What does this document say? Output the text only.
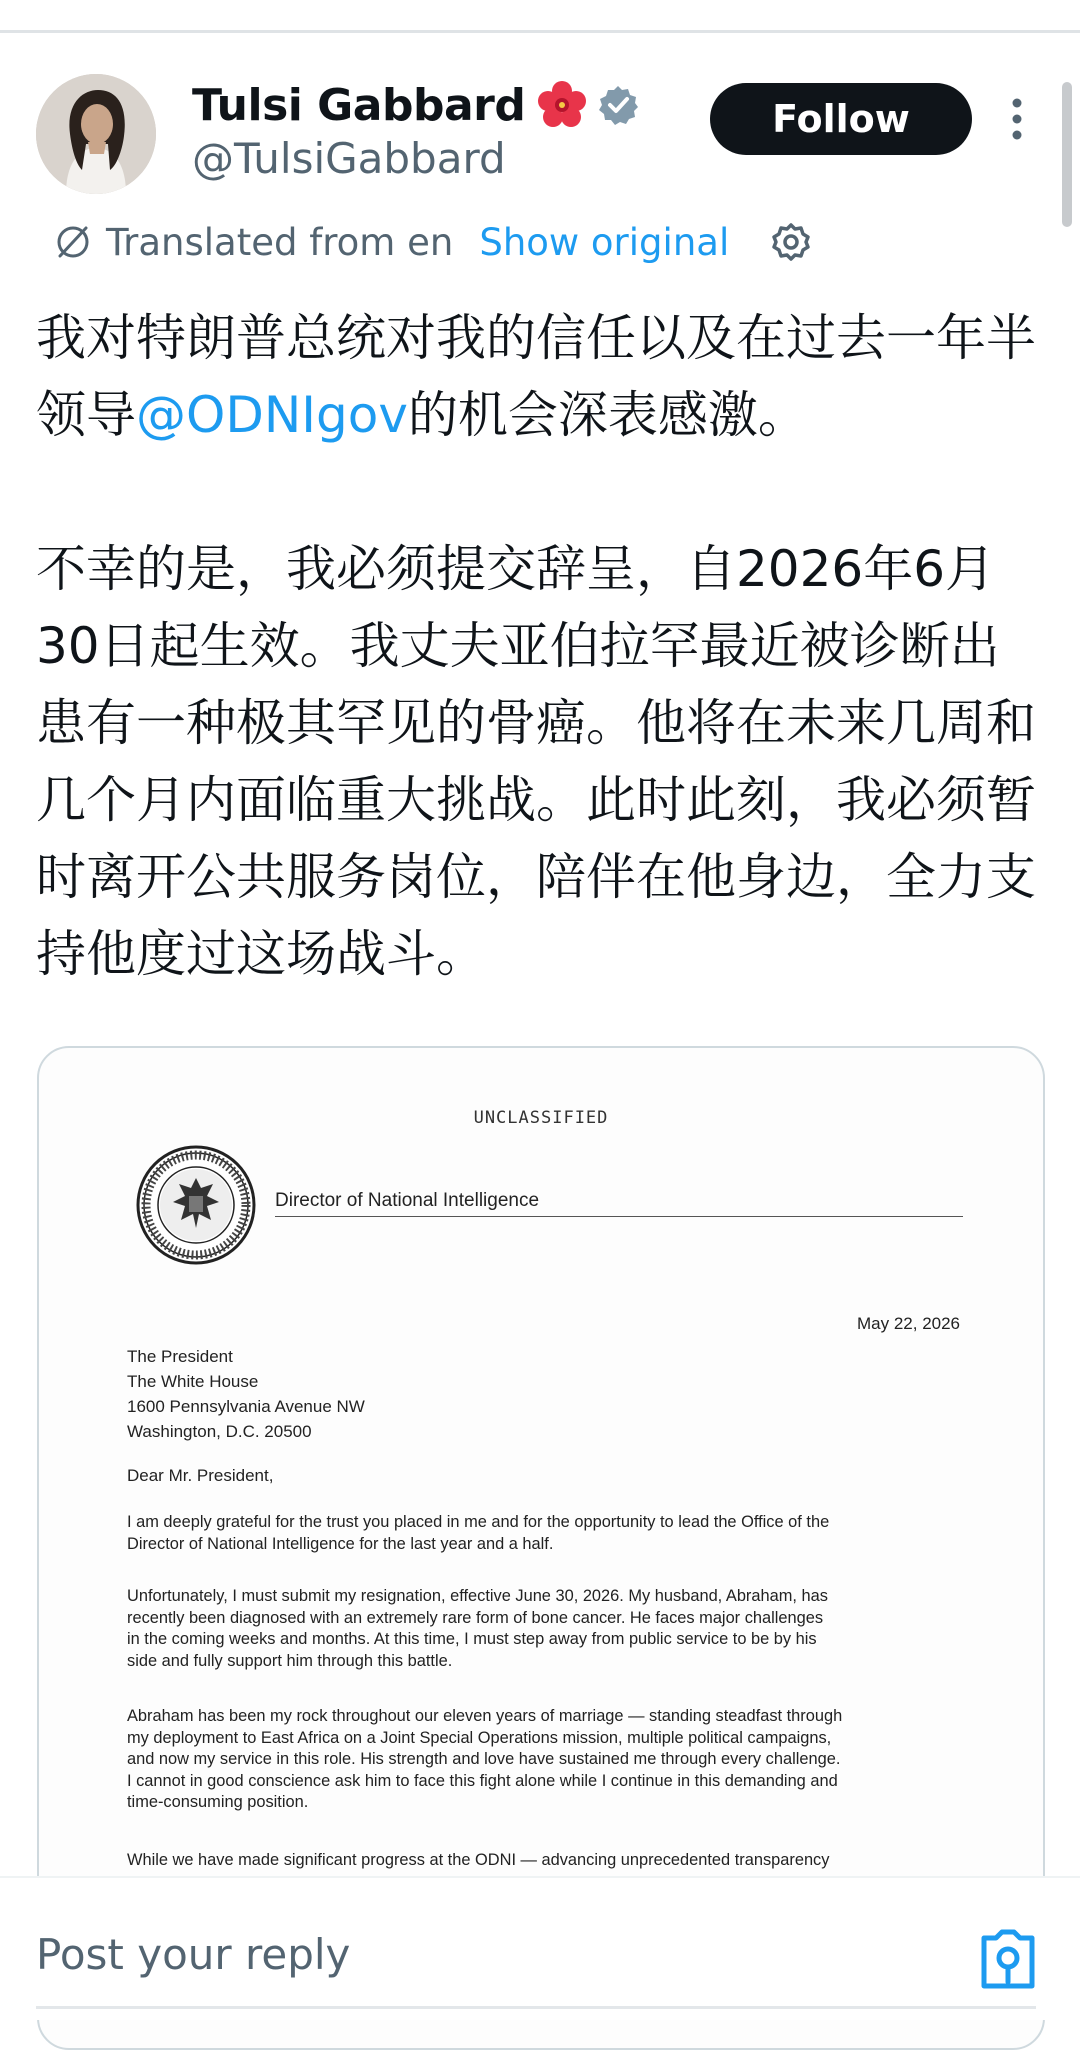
Tulsi Gabbard
@TulsiGabbard
Follow
Translated from en Show original

我对特朗普总统对我的信任以及在过去一年半领导@ODNIgov的机会深表感激。

不幸的是，我必须提交辞呈，自2026年6月30日起生效。我丈夫亚伯拉罕最近被诊断出患有一种极其罕见的骨癌。他将在未来几周和几个月内面临重大挑战。此时此刻，我必须暂时离开公共服务岗位，陪伴在他身边，全力支持他度过这场战斗。

UNCLASSIFIED
Director of National Intelligence
May 22, 2026
The President
The White House
1600 Pennsylvania Avenue NW
Washington, D.C. 20500
Dear Mr. President,
I am deeply grateful for the trust you placed in me and for the opportunity to lead the Office of the
Director of National Intelligence for the last year and a half.
Unfortunately, I must submit my resignation, effective June 30, 2026. My husband, Abraham, has
recently been diagnosed with an extremely rare form of bone cancer. He faces major challenges
in the coming weeks and months. At this time, I must step away from public service to be by his
side and fully support him through this battle.
Abraham has been my rock throughout our eleven years of marriage — standing steadfast through
my deployment to East Africa on a Joint Special Operations mission, multiple political campaigns,
and now my service in this role. His strength and love have sustained me through every challenge.
I cannot in good conscience ask him to face this fight alone while I continue in this demanding and
time-consuming position.
While we have made significant progress at the ODNI — advancing unprecedented transparency
Post your reply
